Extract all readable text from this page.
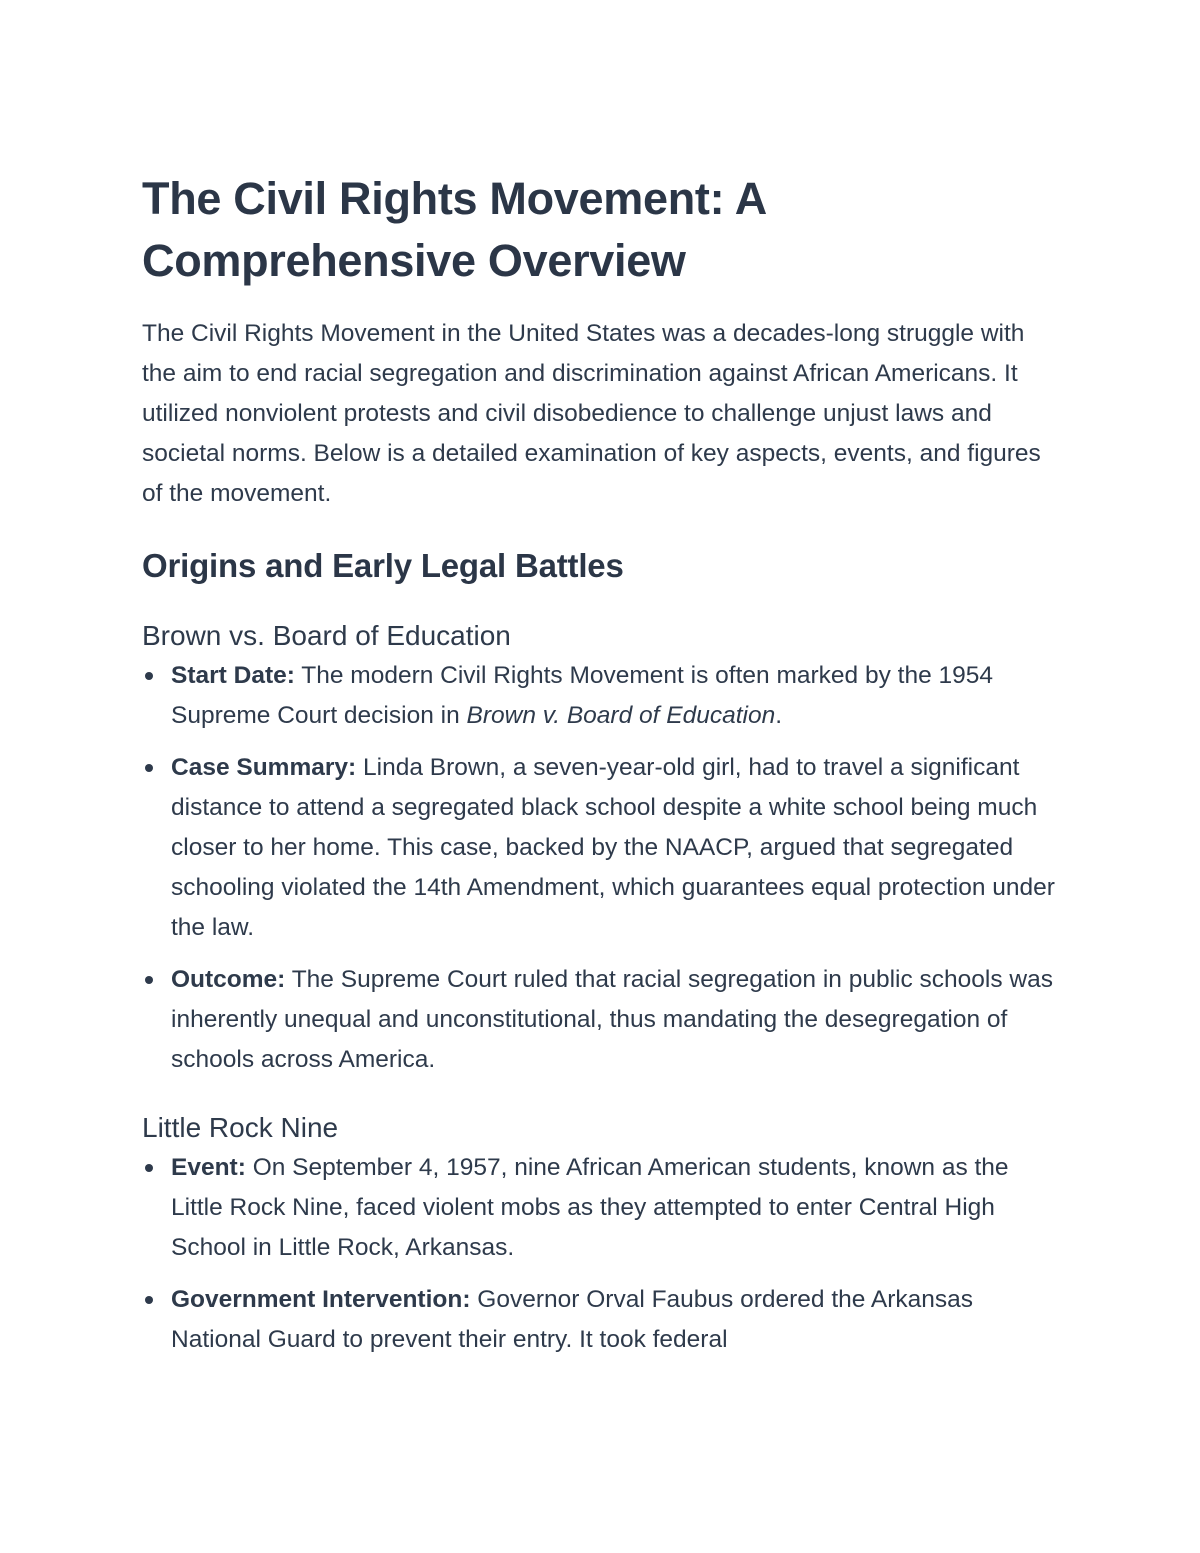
The Civil Rights Movement: A Comprehensive Overview

The Civil Rights Movement in the United States was a decades-long struggle with the aim to end racial segregation and discrimination against African Americans. It utilized nonviolent protests and civil disobedience to challenge unjust laws and societal norms. Below is a detailed examination of key aspects, events, and figures of the movement.

Origins and Early Legal Battles
Brown vs. Board of Education
Start Date: The modern Civil Rights Movement is often marked by the 1954 Supreme Court decision in Brown v. Board of Education.
Case Summary: Linda Brown, a seven-year-old girl, had to travel a significant distance to attend a segregated black school despite a white school being much closer to her home. This case, backed by the NAACP, argued that segregated schooling violated the 14th Amendment, which guarantees equal protection under the law.
Outcome: The Supreme Court ruled that racial segregation in public schools was inherently unequal and unconstitutional, thus mandating the desegregation of schools across America.
Little Rock Nine
Event: On September 4, 1957, nine African American students, known as the Little Rock Nine, faced violent mobs as they attempted to enter Central High School in Little Rock, Arkansas.
Government Intervention: Governor Orval Faubus ordered the Arkansas National Guard to prevent their entry. It took federal
